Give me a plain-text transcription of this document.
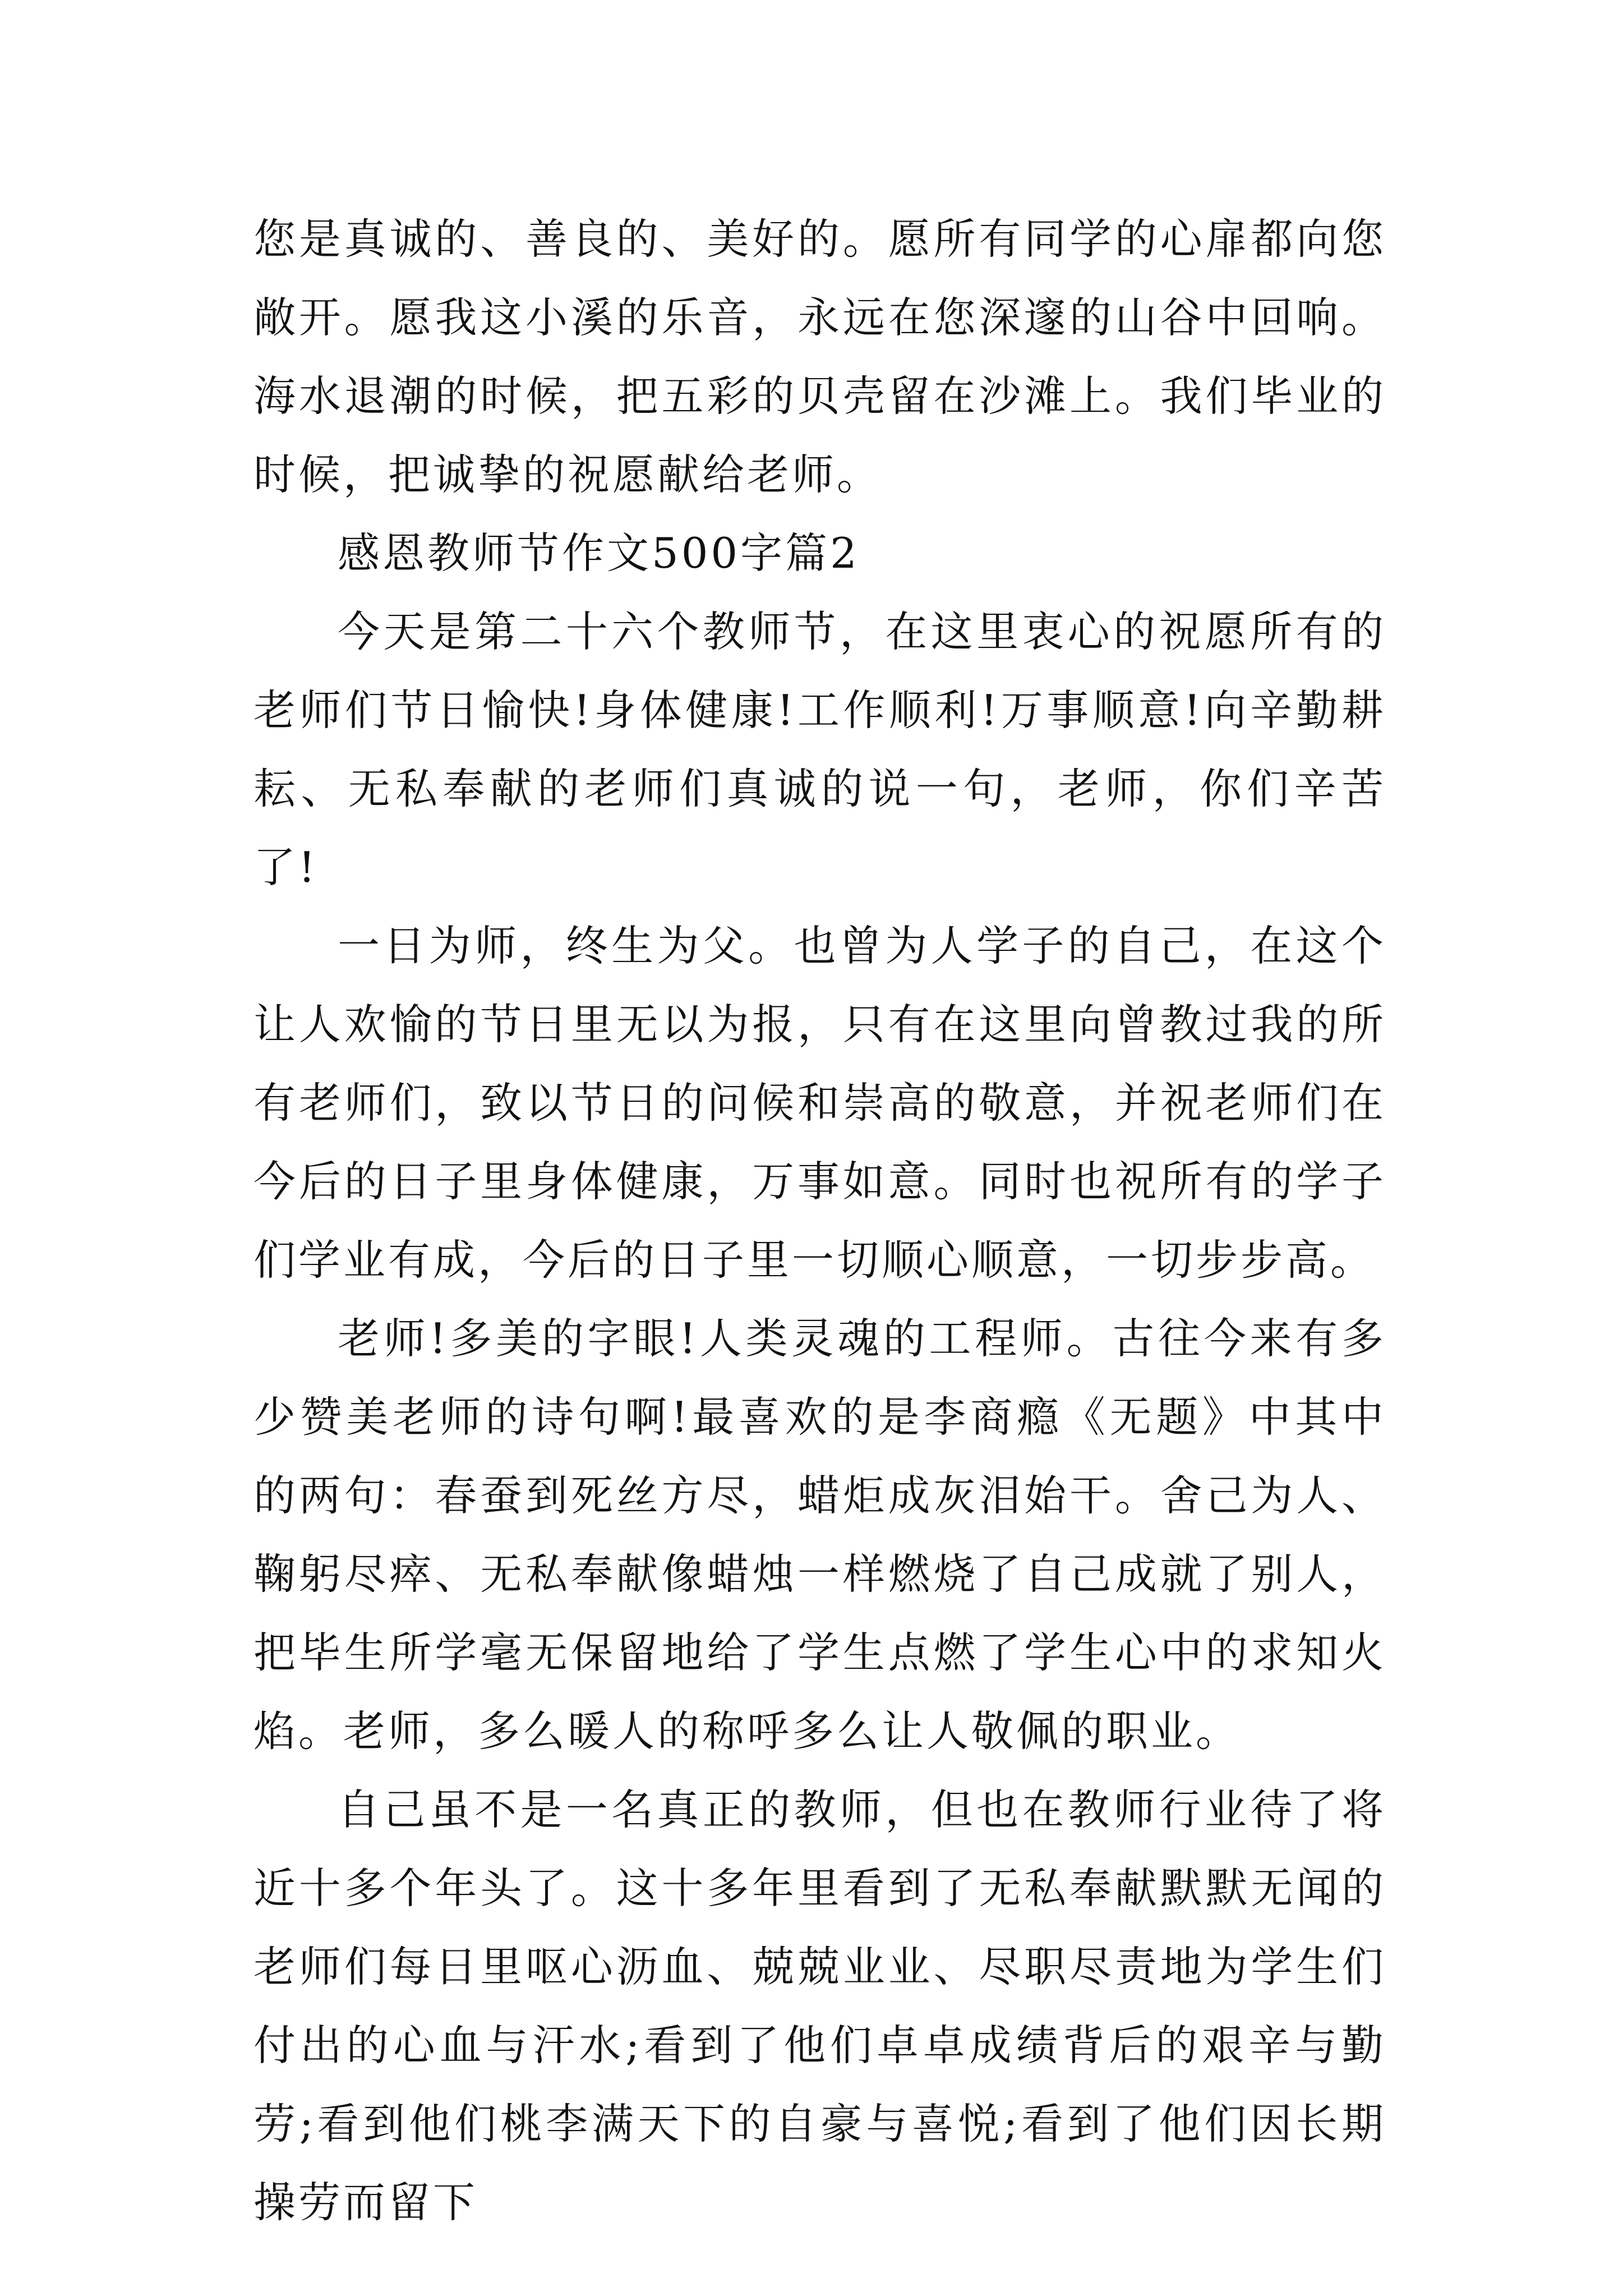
您是真诚的、善良的、美好的。愿所有同学的心扉都向您敞开。愿我这小溪的乐音，永远在您深邃的山谷中回响。海水退潮的时候，把五彩的贝壳留在沙滩上。我们毕业的时候，把诚挚的祝愿献给老师。

感恩教师节作文500字篇2

今天是第二十六个教师节，在这里衷心的祝愿所有的老师们节日愉快!身体健康!工作顺利!万事顺意!向辛勤耕耘、无私奉献的老师们真诚的说一句，老师，你们辛苦了!

一日为师，终生为父。也曾为人学子的自己，在这个让人欢愉的节日里无以为报，只有在这里向曾教过我的所有老师们，致以节日的问候和崇高的敬意，并祝老师们在今后的日子里身体健康，万事如意。同时也祝所有的学子们学业有成，今后的日子里一切顺心顺意，一切步步高。

老师!多美的字眼!人类灵魂的工程师。古往今来有多少赞美老师的诗句啊!最喜欢的是李商瘾《无题》中其中的两句：春蚕到死丝方尽，蜡炬成灰泪始干。舍己为人、鞠躬尽瘁、无私奉献像蜡烛一样燃烧了自己成就了别人，把毕生所学毫无保留地给了学生点燃了学生心中的求知火焰。老师，多么暖人的称呼多么让人敬佩的职业。

自己虽不是一名真正的教师，但也在教师行业待了将近十多个年头了。这十多年里看到了无私奉献默默无闻的老师们每日里呕心沥血、兢兢业业、尽职尽责地为学生们付出的心血与汗水;看到了他们卓卓成绩背后的艰辛与勤劳;看到他们桃李满天下的自豪与喜悦;看到了他们因长期操劳而留下
